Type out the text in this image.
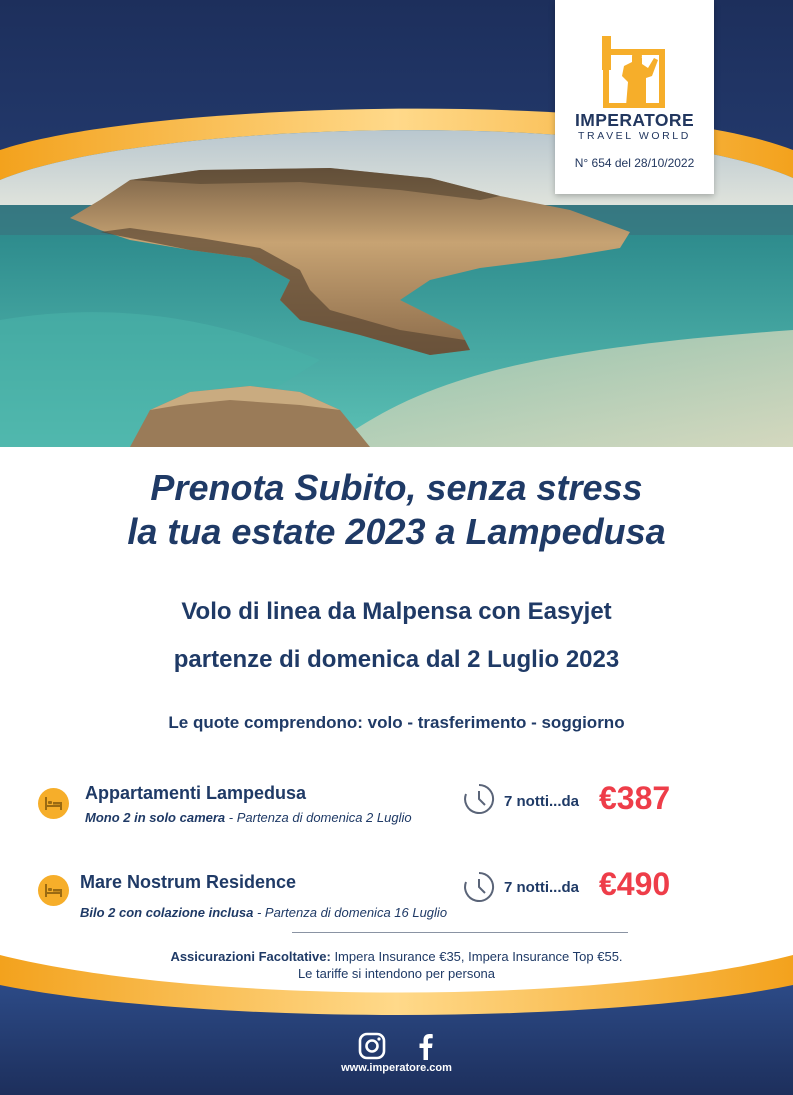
IMPERATORE
TRAVEL WORLD
N° 654 del 28/10/2022
Prenota Subito, senza stress
la tua estate 2023 a Lampedusa
Volo di linea da Malpensa con Easyjet
partenze di domenica dal 2 Luglio 2023
Le quote comprendono: volo - trasferimento - soggiorno
Appartamenti Lampedusa
Mono 2 in solo camera - Partenza di domenica 2 Luglio
7 notti...da €387
Mare Nostrum Residence
Bilo 2 con colazione inclusa - Partenza di domenica 16 Luglio
7 notti...da €490
Assicurazioni Facoltative: Impera Insurance €35, Impera Insurance Top €55.
Le tariffe si intendono per persona
www.imperatore.com
